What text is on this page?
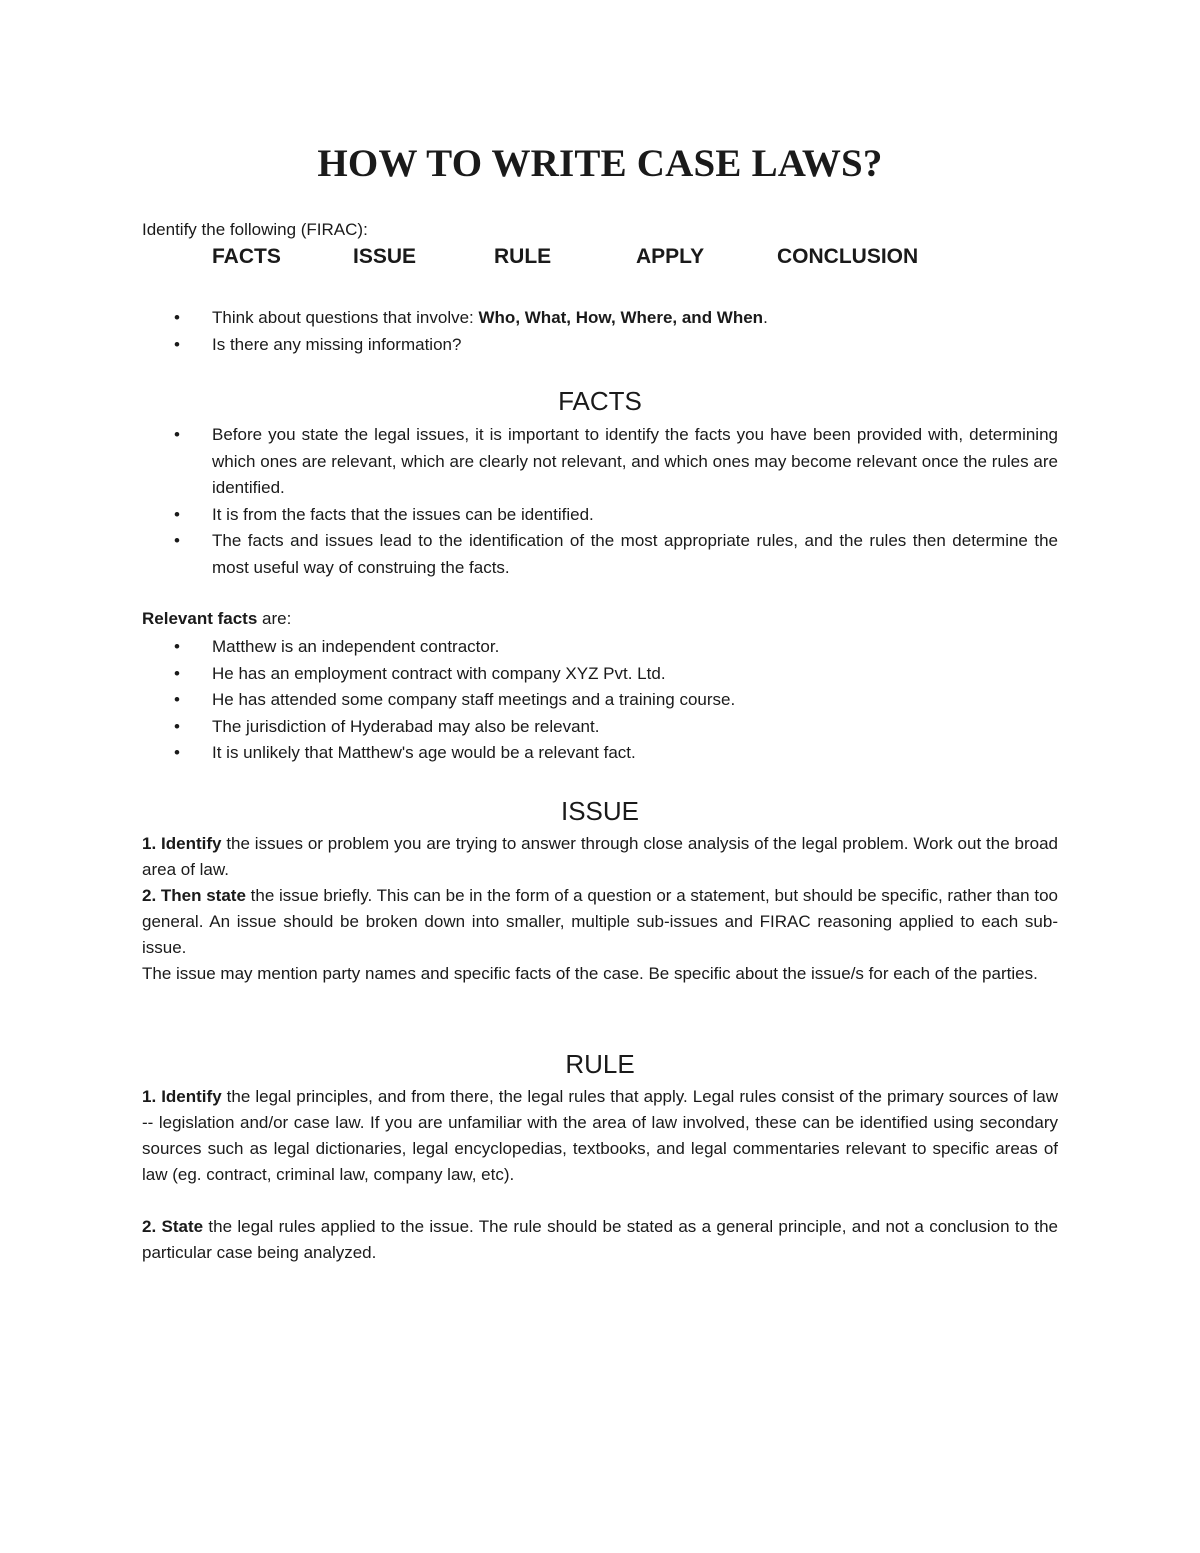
HOW TO WRITE CASE LAWS?

Identify the following (FIRAC):

FACTS	ISSUE	RULE	APPLY	CONCLUSION
• Think about questions that involve: Who, What, How, Where, and When.
• Is there any missing information?
FACTS
• Before you state the legal issues, it is important to identify the facts you have been provided with, determining which ones are relevant, which are clearly not relevant, and which ones may become relevant once the rules are identified.
• It is from the facts that the issues can be identified.
• The facts and issues lead to the identification of the most appropriate rules, and the rules then determine the most useful way of construing the facts.

Relevant facts are:

• Matthew is an independent contractor.
• He has an employment contract with company XYZ Pvt. Ltd.
• He has attended some company staff meetings and a training course.
• The jurisdiction of Hyderabad may also be relevant.
• It is unlikely that Matthew's age would be a relevant fact.
ISSUE

1. Identify the issues or problem you are trying to answer through close analysis of the legal problem. Work out the broad area of law.

2. Then state the issue briefly. This can be in the form of a question or a statement, but should be specific, rather than too general. An issue should be broken down into smaller, multiple sub-issues and FIRAC reasoning applied to each sub-issue.

The issue may mention party names and specific facts of the case. Be specific about the issue/s for each of the parties.

RULE

1. Identify the legal principles, and from there, the legal rules that apply. Legal rules consist of the primary sources of law -- legislation and/or case law. If you are unfamiliar with the area of law involved, these can be identified using secondary sources such as legal dictionaries, legal encyclopedias, textbooks, and legal commentaries relevant to specific areas of law (eg. contract, criminal law, company law, etc).

2. State the legal rules applied to the issue. The rule should be stated as a general principle, and not a conclusion to the particular case being analyzed.
